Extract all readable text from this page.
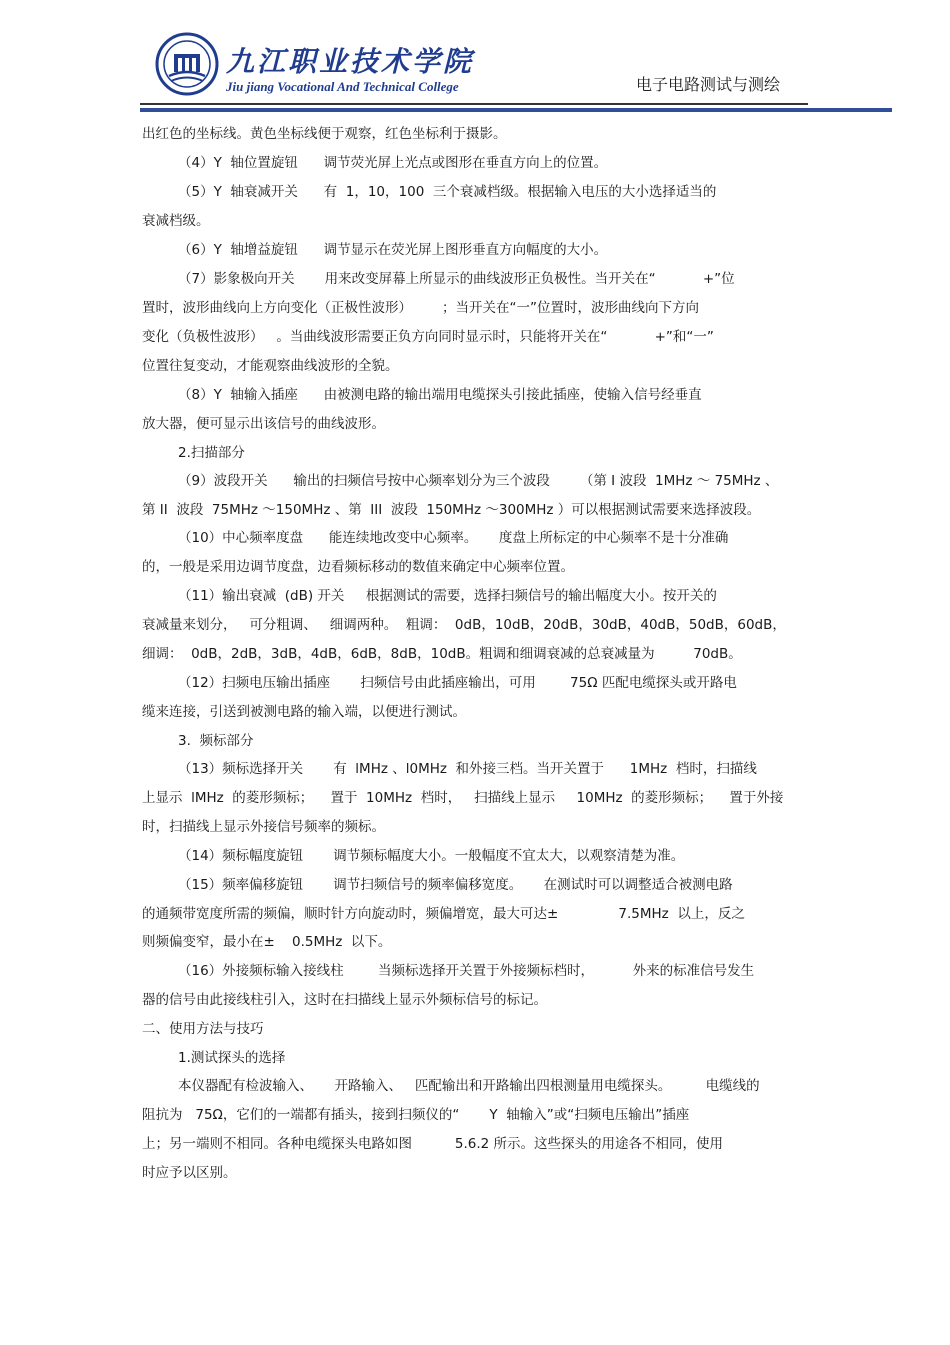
九江职业技术学院
Jiu jiang Vocational And Technical College	电子电路测试与测绘
出红色的坐标线。黄色坐标线便于观察，红色坐标利于摄影。
（4）Y  轴位置旋钮      调节荧光屏上光点或图形在垂直方向上的位置。
（5）Y  轴衰减开关      有  1，10，100  三个衰减档级。根据输入电压的大小选择适当的
衰减档级。
（6）Y  轴增益旋钮      调节显示在荧光屏上图形垂直方向幅度的大小。
（7）影象极向开关       用来改变屏幕上所显示的曲线波形正负极性。当开关在“           +”位
置时，波形曲线向上方向变化（正极性波形）       ；当开关在“一”位置时，波形曲线向下方向
变化（负极性波形）   。当曲线波形需要正负方向同时显示时，只能将开关在“           +”和“一”
位置往复变动，才能观察曲线波形的全貌。
（8）Y  轴输入插座      由被测电路的输出端用电缆探头引接此插座，使输入信号经垂直
放大器，便可显示出该信号的曲线波形。
2.扫描部分
（9）波段开关      输出的扫频信号按中心频率划分为三个波段       （第 I 波段  1MHz ～ 75MHz 、
第 II  波段  75MHz ～150MHz 、第  III  波段  150MHz ～300MHz ）可以根据测试需要来选择波段。
（10）中心频率度盘      能连续地改变中心频率。     度盘上所标定的中心频率不是十分准确
的，一般是采用边调节度盘，边看频标移动的数值来确定中心频率位置。
（11）输出衰减  (dB) 开关     根据测试的需要，选择扫频信号的输出幅度大小。按开关的
衰减量来划分，   可分粗调、   细调两种。  粗调：  0dB，10dB，20dB，30dB，40dB，50dB，60dB，
细调：  0dB，2dB，3dB，4dB，6dB，8dB，10dB。粗调和细调衰减的总衰减量为         70dB。
（12）扫频电压输出插座       扫频信号由此插座输出，可用        75Ω 匹配电缆探头或开路电
缆来连接，引送到被测电路的输入端，以便进行测试。
3.  频标部分
（13）频标选择开关       有  lMHz 、l0MHz  和外接三档。当开关置于      1MHz  档时，扫描线
上显示  lMHz  的菱形频标；    置于  10MHz  档时，   扫描线上显示     10MHz  的菱形频标；    置于外接
时，扫描线上显示外接信号频率的频标。
（14）频标幅度旋钮       调节频标幅度大小。一般幅度不宜太大，以观察清楚为准。
（15）频率偏移旋钮       调节扫频信号的频率偏移宽度。     在测试时可以调整适合被测电路
的通频带宽度所需的频偏，顺时针方向旋动时，频偏增宽，最大可达±              7.5MHz  以上，反之
则频偏变窄，最小在±    0.5MHz  以下。
（16）外接频标输入接线柱        当频标选择开关置于外接频标档时，         外来的标准信号发生
器的信号由此接线柱引入，这时在扫描线上显示外频标信号的标记。
二、使用方法与技巧
1.测试探头的选择
本仪器配有检波输入、     开路输入、   匹配输出和开路输出四根测量用电缆探头。        电缆线的
阻抗为   75Ω，它们的一端都有插头，接到扫频仪的“       Y  轴输入”或“扫频电压输出”插座
上；另一端则不相同。各种电缆探头电路如图          5.6.2 所示。这些探头的用途各不相同，使用
时应予以区别。
